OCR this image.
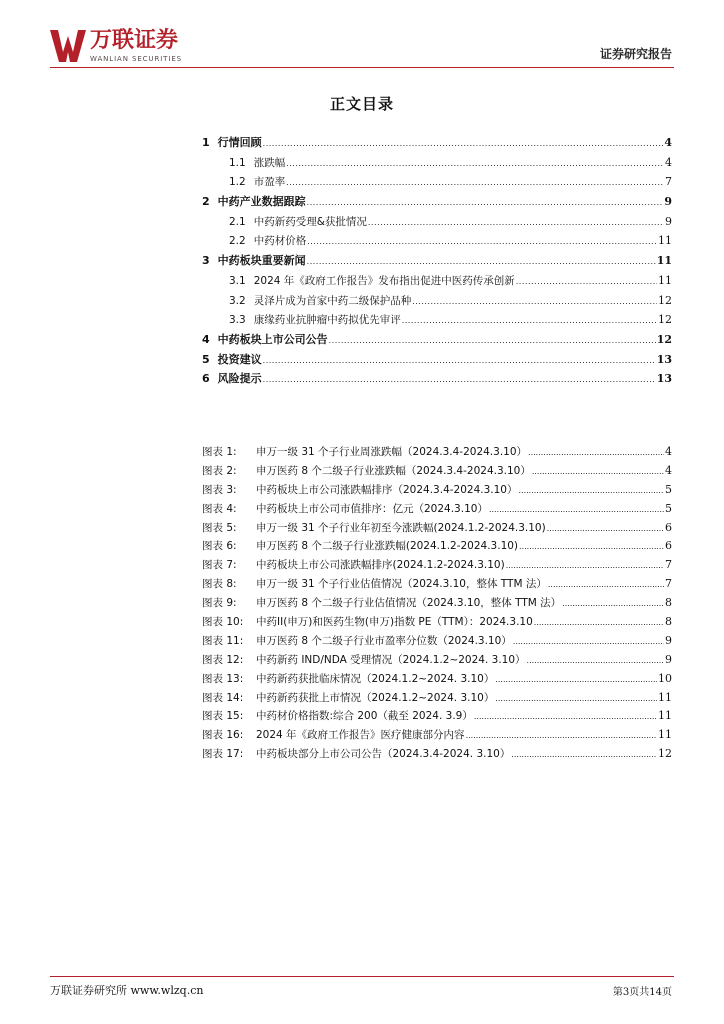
万联证券
WANLIAN SECURITIES	证券研究报告
正文目录
1 行情回顾 .....	4
1.1 涨跌幅 .....	4
1.2 市盈率 .....	7
2 中药产业数据跟踪 .....	9
2.1 中药新药受理&获批情况 .....	9
2.2 中药材价格 .....	11
3 中药板块重要新闻 .....	11
3.1 2024 年《政府工作报告》发布指出促进中医药传承创新 .....	11
3.2 灵泽片成为首家中药二级保护品种 .....	12
3.3 康缘药业抗肿瘤中药拟优先审评 .....	12
4 中药板块上市公司公告 .....	12
5 投资建议 .....	13
6 风险提示 .....	13
图表 1:	申万一级 31 个子行业周涨跌幅（2024.3.4-2024.3.10） .....	4
图表 2:	申万医药 8 个二级子行业涨跌幅（2024.3.4-2024.3.10） .....	4
图表 3:	中药板块上市公司涨跌幅排序（2024.3.4-2024.3.10） .....	5
图表 4:	中药板块上市公司市值排序：亿元（2024.3.10） .....	5
图表 5:	申万一级 31 个子行业年初至今涨跌幅(2024.1.2-2024.3.10) .....	6
图表 6:	申万医药 8 个二级子行业涨跌幅(2024.1.2-2024.3.10) .....	6
图表 7:	中药板块上市公司涨跌幅排序(2024.1.2-2024.3.10) .....	7
图表 8:	申万一级 31 个子行业估值情况（2024.3.10，整体 TTM 法） .....	7
图表 9:	申万医药 8 个二级子行业估值情况（2024.3.10，整体 TTM 法） .....	8
图表 10:	中药II(申万)和医药生物(申万)指数 PE（TTM）：2024.3.10 .....	8
图表 11:	申万医药 8 个二级子行业市盈率分位数（2024.3.10） .....	9
图表 12:	中药新药 IND/NDA 受理情况（2024.1.2~2024. 3.10） .....	9
图表 13:	中药新药获批临床情况（2024.1.2~2024. 3.10） .....	10
图表 14:	中药新药获批上市情况（2024.1.2~2024. 3.10） .....	11
图表 15:	中药材价格指数:综合 200（截至 2024. 3.9） .....	11
图表 16:	2024 年《政府工作报告》医疗健康部分内容 .....	11
图表 17:	中药板块部分上市公司公告（2024.3.4-2024. 3.10） .....	12
万联证券研究所 www.wlzq.cn	第3页共14页
